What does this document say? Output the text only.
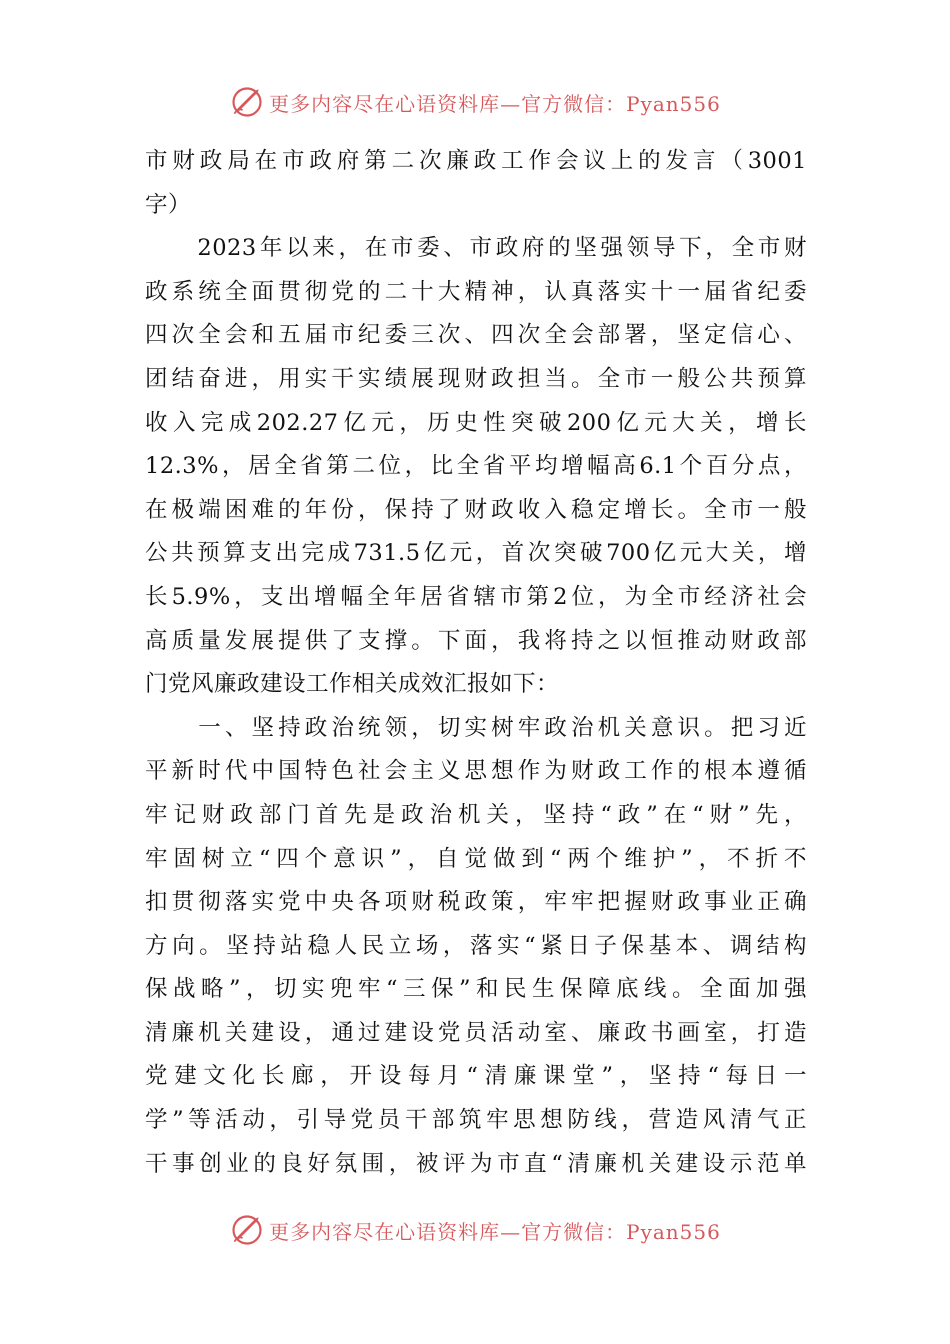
更多内容尽在心语资料库—官方微信：Pyan556
市财政局在市政府第二次廉政工作会议上的发言（3001
字）
　　2023年以来，在市委、市政府的坚强领导下，全市财
政系统全面贯彻党的二十大精神，认真落实十一届省纪委
四次全会和五届市纪委三次、四次全会部署，坚定信心、
团结奋进，用实干实绩展现财政担当。全市一般公共预算
收入完成202.27亿元，历史性突破200亿元大关，增长
12.3%，居全省第二位，比全省平均增幅高6.1个百分点，
在极端困难的年份，保持了财政收入稳定增长。全市一般
公共预算支出完成731.5亿元，首次突破700亿元大关，增
长5.9%，支出增幅全年居省辖市第2位，为全市经济社会
高质量发展提供了支撑。下面，我将持之以恒推动财政部
门党风廉政建设工作相关成效汇报如下：
　　一、坚持政治统领，切实树牢政治机关意识。把习近
平新时代中国特色社会主义思想作为财政工作的根本遵循
牢记财政部门首先是政治机关，坚持“政”在“财”先，
牢固树立“四个意识”，自觉做到“两个维护”，不折不
扣贯彻落实党中央各项财税政策，牢牢把握财政事业正确
方向。坚持站稳人民立场，落实“紧日子保基本、调结构
保战略”，切实兜牢“三保”和民生保障底线。全面加强
清廉机关建设，通过建设党员活动室、廉政书画室，打造
党建文化长廊，开设每月“清廉课堂”，坚持“每日一
学”等活动，引导党员干部筑牢思想防线，营造风清气正
干事创业的良好氛围，被评为市直“清廉机关建设示范单
更多内容尽在心语资料库—官方微信：Pyan556
